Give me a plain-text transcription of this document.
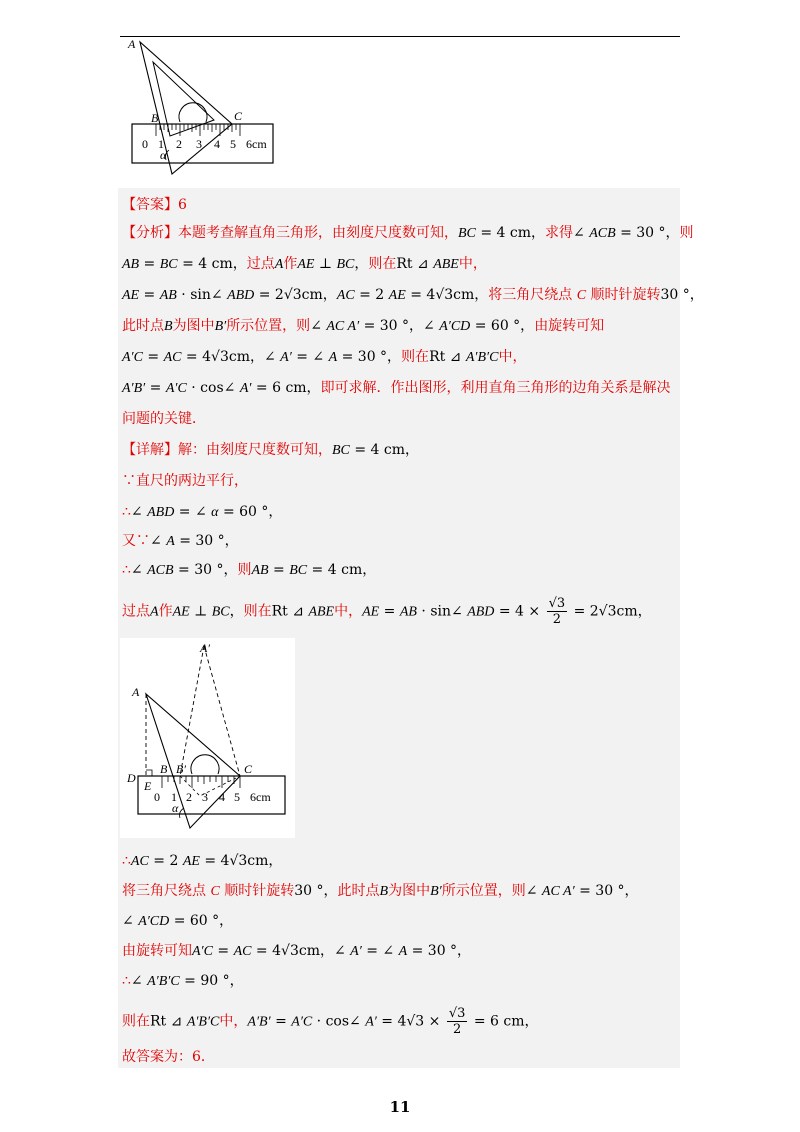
A
B	C
α
0 1 2 3 4 5 6cm
【答案】6
【分析】本题考查解直角三角形，由刻度尺度数可知，BC = 4 cm，求得∠ ACB = 30 °，则
AB = BC = 4 cm，过点A作AE ⊥ BC，则在Rt ⊿ ABE中，
AE = AB · sin∠ ABD = 2√3cm，AC = 2 AE = 4√3cm，将三角尺绕点 C 顺时针旋转30 °，
此时点B为图中B′所示位置，则∠ AC A′ = 30 °，∠ A′CD = 60 °，由旋转可知
A′C = AC = 4√3cm，∠ A′ = ∠ A = 30 °，则在Rt ⊿ A′B′C中，
A′B′ = A′C · cos∠ A′ = 6 cm，即可求解．作出图形，利用直角三角形的边角关系是解决
问题的关键．
【详解】解：由刻度尺度数可知，BC = 4 cm，
∵直尺的两边平行，
∴∠ ABD = ∠ α = 60 °，
又∵∠ A = 30 °，
∴∠ ACB = 30 °，则AB = BC = 4 cm，
过点A作AE ⊥ BC，则在Rt ⊿ ABE中，AE = AB · sin∠ ABD = $4 \times \frac{√3}{2} = 2√3cm$，
A′
A
D
E
B B′	C
α
0 1 2 3 4 5 6cm
∴AC = 2 AE = 4√3cm，
将三角尺绕点 C 顺时针旋转30 °，此时点B为图中B′所示位置，则∠ AC A′ = 30 °，
∠ A′CD = 60 °，
由旋转可知A′C = AC = 4√3cm，∠ A′ = ∠ A = 30 °，
∴∠ A′B′C = 90 °，
则在Rt ⊿ A′B′C中，A′B′ = A′C · cos∠ $A' = 4√3 \times \frac{√3}{2} = 6$ cm，
故答案为：6．
11
